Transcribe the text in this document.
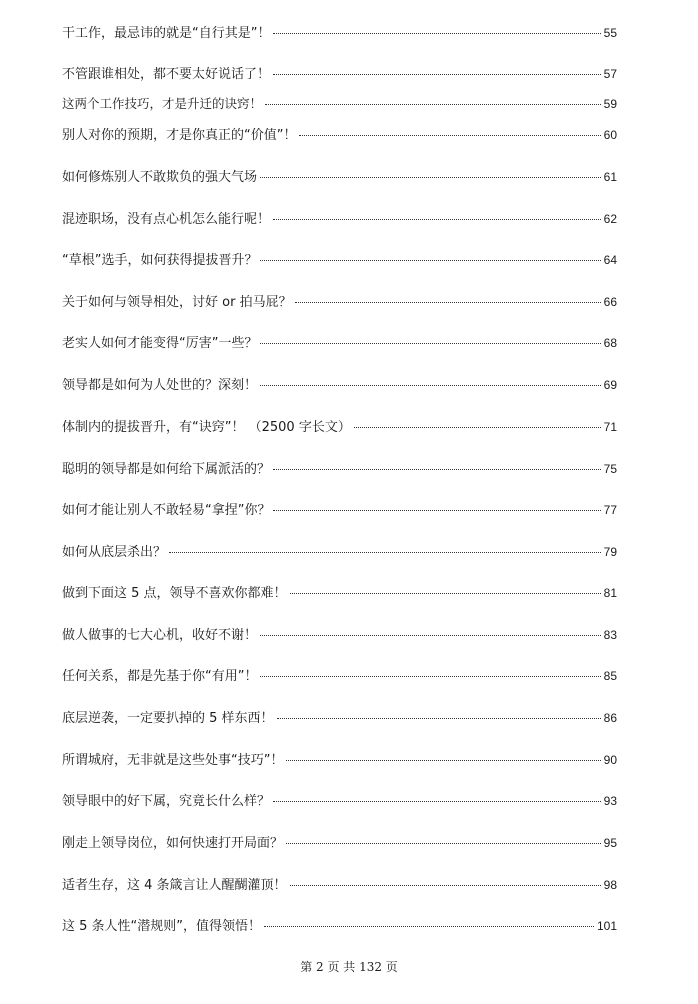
干工作，最忌讳的就是“自行其是”！	55
不管跟谁相处，都不要太好说话了！	57
这两个工作技巧，才是升迁的诀窍！	59
别人对你的预期，才是你真正的“价值”！	60
如何修炼别人不敢欺负的强大气场	61
混迹职场，没有点心机怎么能行呢！	62
“草根”选手，如何获得提拔晋升？	64
关于如何与领导相处，讨好 or 拍马屁？	66
老实人如何才能变得“厉害”一些？	68
领导都是如何为人处世的？深刻！	69
体制内的提拔晋升，有“诀窍”！ （2500 字长文）	71
聪明的领导都是如何给下属派活的？	75
如何才能让别人不敢轻易“拿捏”你？	77
如何从底层杀出？	79
做到下面这 5 点，领导不喜欢你都难！	81
做人做事的七大心机，收好不谢！	83
任何关系，都是先基于你“有用”！	85
底层逆袭，一定要扒掉的 5 样东西！	86
所谓城府，无非就是这些处事“技巧”！	90
领导眼中的好下属，究竟长什么样？	93
刚走上领导岗位，如何快速打开局面？	95
适者生存，这 4 条箴言让人醒醐灌顶！	98
这 5 条人性“潜规则”，值得领悟！	101
第 2 页 共 132 页
